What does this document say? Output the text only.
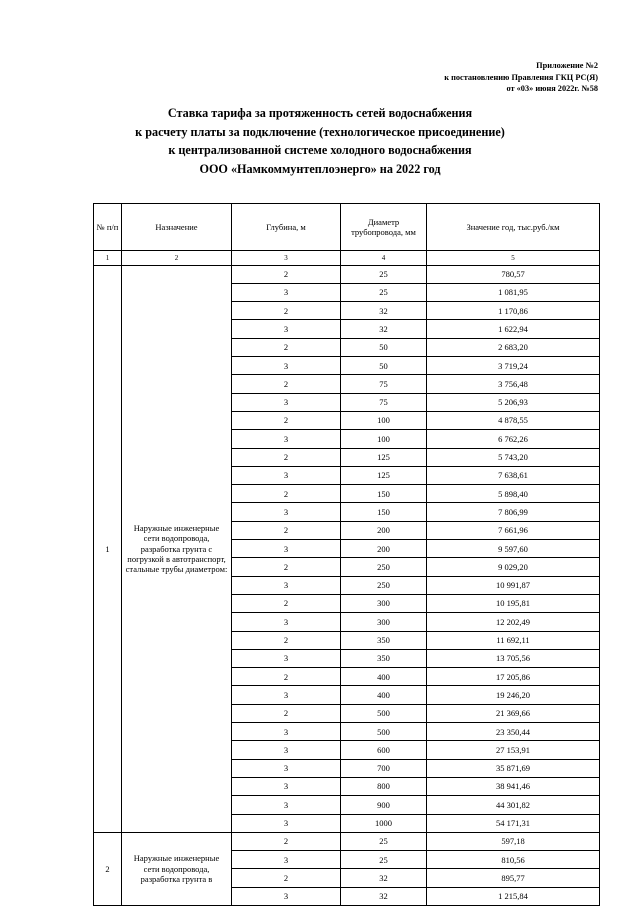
Приложение №2
к постановлению Правления ГКЦ РС(Я)
от «03» июня 2022г. №58
Ставка тарифа за протяженность сетей водоснабжения
к расчету платы за подключение (технологическое присоединение)
к централизованной системе холодного водоснабжения
ООО «Намкоммунтеплоэнерго» на 2022 год
№ п/п	Назначение	Глубина, м	Диаметр трубопровода, мм	Значение год, тыс.руб./км
1	2	3	4	5
1	Наружные инженерные сети водопровода, разработка грунта с погрузкой в автотранспорт, стальные трубы диаметром:	2	25	780,57
		3	25	1 081,95
		2	32	1 170,86
		3	32	1 622,94
		2	50	2 683,20
		3	50	3 719,24
		2	75	3 756,48
		3	75	5 206,93
		2	100	4 878,55
		3	100	6 762,26
		2	125	5 743,20
		3	125	7 638,61
		2	150	5 898,40
		3	150	7 806,99
		2	200	7 661,96
		3	200	9 597,60
		2	250	9 029,20
		3	250	10 991,87
		2	300	10 195,81
		3	300	12 202,49
		2	350	11 692,11
		3	350	13 705,56
		2	400	17 205,86
		3	400	19 246,20
		2	500	21 369,66
		3	500	23 350,44
		3	600	27 153,91
		3	700	35 871,69
		3	800	38 941,46
		3	900	44 301,82
		3	1000	54 171,31
2	Наружные инженерные сети водопровода, разработка грунта в	2	25	597,18
		3	25	810,56
		2	32	895,77
		3	32	1 215,84
